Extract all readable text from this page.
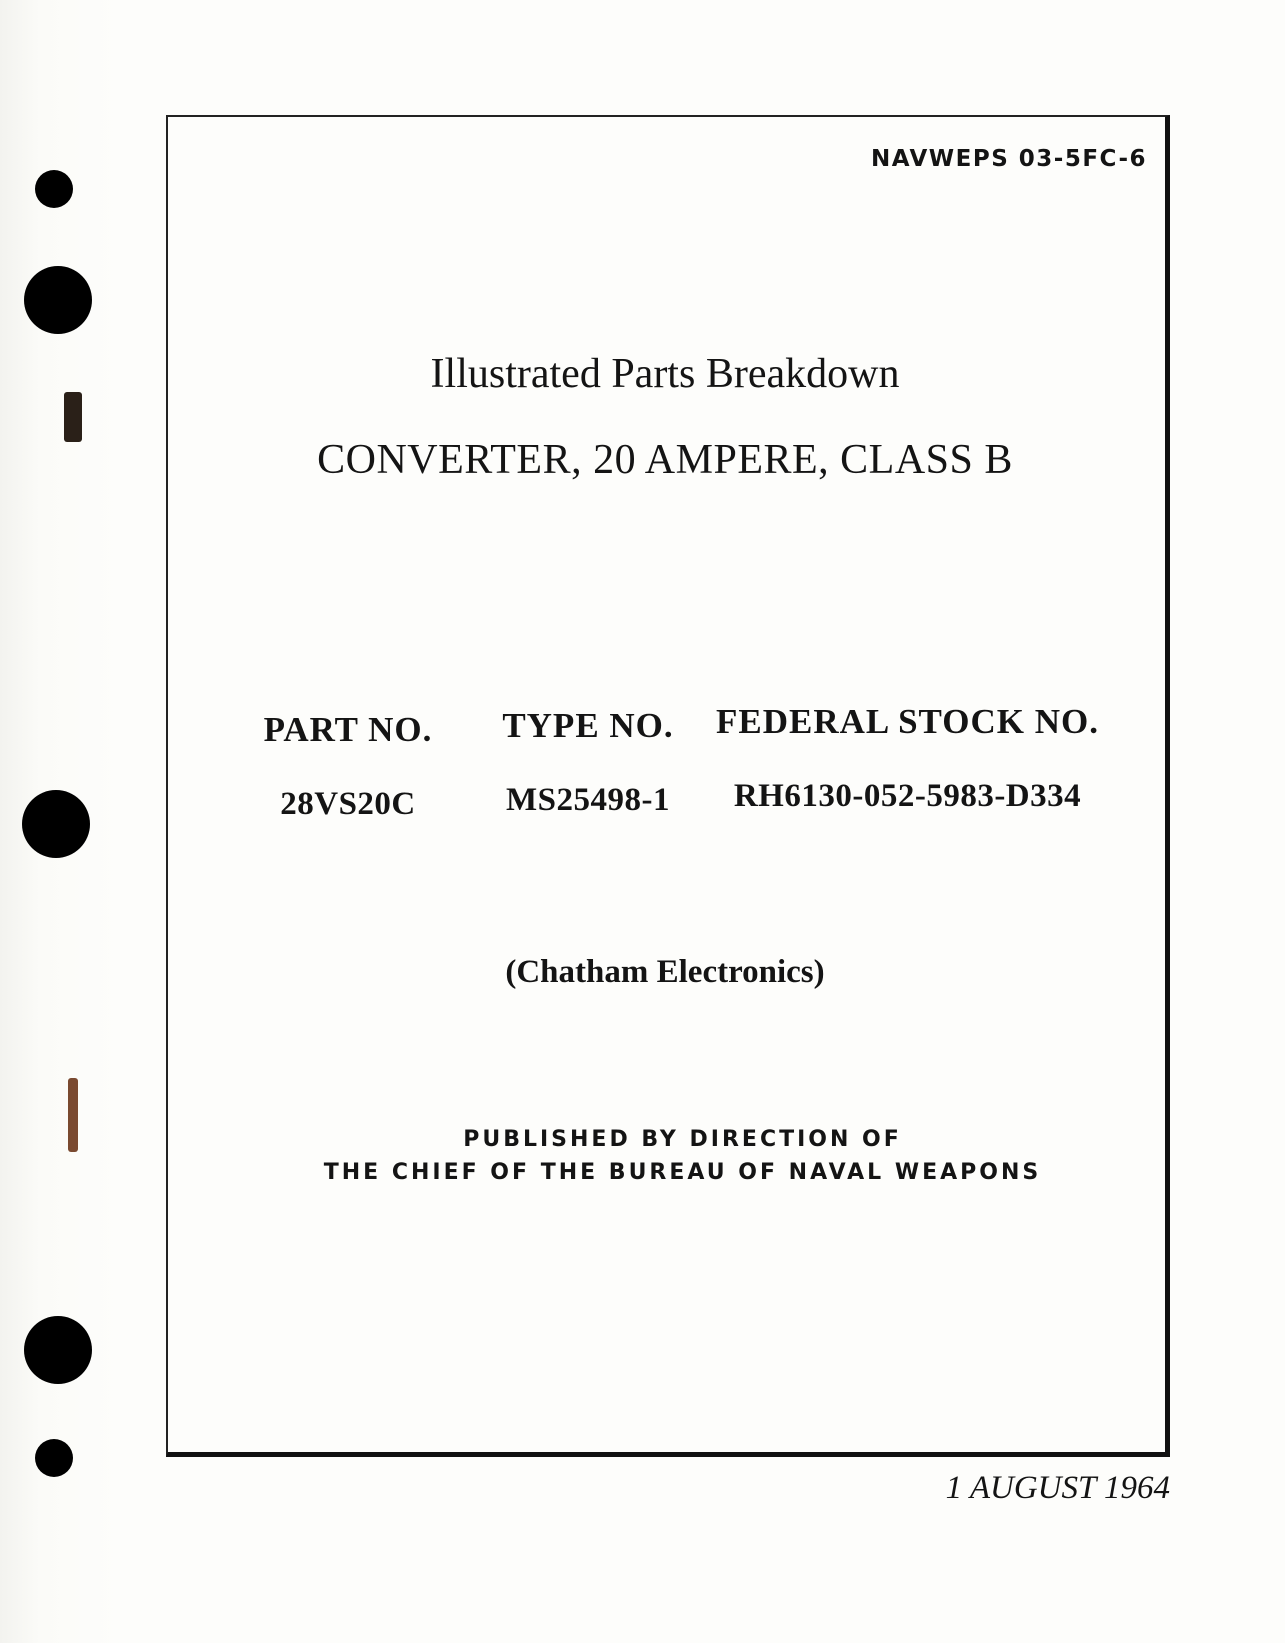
NAVWEPS 03-5FC-6
Illustrated Parts Breakdown
CONVERTER, 20 AMPERE, CLASS B
PART NO.
28VS20C
TYPE NO.
MS25498-1
FEDERAL STOCK NO.
RH6130-052-5983-D334
(Chatham Electronics)
PUBLISHED BY DIRECTION OF
THE CHIEF OF THE BUREAU OF NAVAL WEAPONS
1 AUGUST 1964
